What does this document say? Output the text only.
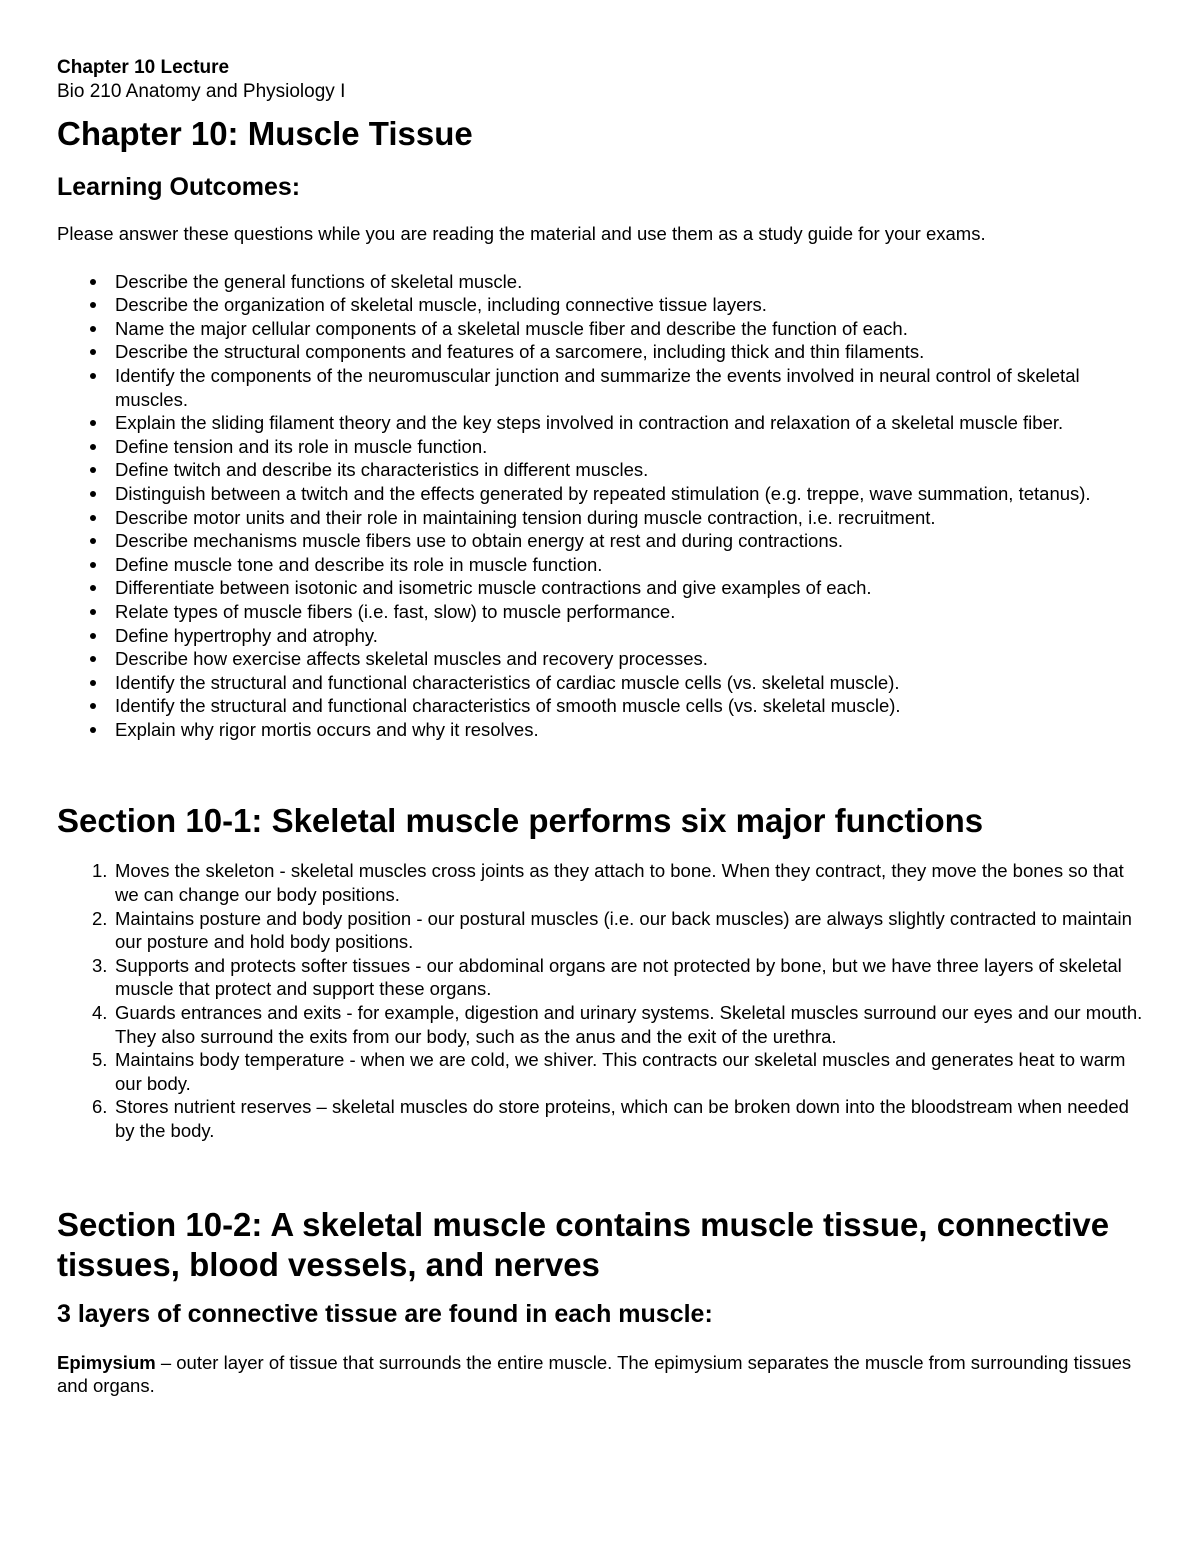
Chapter 10 Lecture

Bio 210 Anatomy and Physiology I

Chapter 10: Muscle Tissue
Learning Outcomes:

Please answer these questions while you are reading the material and use them as a study guide for your exams.

Describe the general functions of skeletal muscle.
Describe the organization of skeletal muscle, including connective tissue layers.
Name the major cellular components of a skeletal muscle fiber and describe the function of each.
Describe the structural components and features of a sarcomere, including thick and thin filaments.
Identify the components of the neuromuscular junction and summarize the events involved in neural control of skeletal muscles.
Explain the sliding filament theory and the key steps involved in contraction and relaxation of a skeletal muscle fiber.
Define tension and its role in muscle function.
Define twitch and describe its characteristics in different muscles.
Distinguish between a twitch and the effects generated by repeated stimulation (e.g. treppe, wave summation, tetanus).
Describe motor units and their role in maintaining tension during muscle contraction, i.e. recruitment.
Describe mechanisms muscle fibers use to obtain energy at rest and during contractions.
Define muscle tone and describe its role in muscle function.
Differentiate between isotonic and isometric muscle contractions and give examples of each.
Relate types of muscle fibers (i.e. fast, slow) to muscle performance.
Define hypertrophy and atrophy.
Describe how exercise affects skeletal muscles and recovery processes.
Identify the structural and functional characteristics of cardiac muscle cells (vs. skeletal muscle).
Identify the structural and functional characteristics of smooth muscle cells (vs. skeletal muscle).
Explain why rigor mortis occurs and why it resolves.
Section 10-1: Skeletal muscle performs six major functions
1. Moves the skeleton - skeletal muscles cross joints as they attach to bone. When they contract, they move the bones so that we can change our body positions.
2. Maintains posture and body position - our postural muscles (i.e. our back muscles) are always slightly contracted to maintain our posture and hold body positions.
3. Supports and protects softer tissues - our abdominal organs are not protected by bone, but we have three layers of skeletal muscle that protect and support these organs.
4. Guards entrances and exits - for example, digestion and urinary systems. Skeletal muscles surround our eyes and our mouth. They also surround the exits from our body, such as the anus and the exit of the urethra.
5. Maintains body temperature - when we are cold, we shiver. This contracts our skeletal muscles and generates heat to warm our body.
6. Stores nutrient reserves – skeletal muscles do store proteins, which can be broken down into the bloodstream when needed by the body.
Section 10-2: A skeletal muscle contains muscle tissue, connective tissues, blood vessels, and nerves
3 layers of connective tissue are found in each muscle:

Epimysium – outer layer of tissue that surrounds the entire muscle. The epimysium separates the muscle from surrounding tissues and organs.
